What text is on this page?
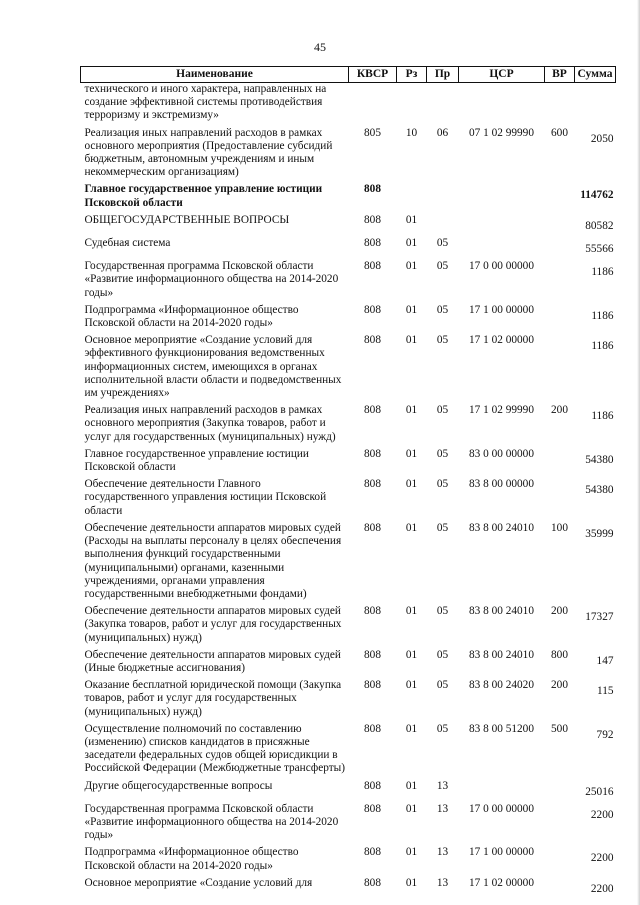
45
Наименование	КВСР	Рз	Пр	ЦСР	ВР	Сумма
технического и иного характера, направленных на создание эффективной системы противодействия терроризму и экстремизму»						
Реализация иных направлений расходов в рамках основного мероприятия (Предоставление субсидий бюджетным, автономным учреждениям и иным некоммерческим организациям)	805	10	06	07 1 02 99990	600	2050
Главное государственное управление юстиции Псковской области	808					114762
ОБЩЕГОСУДАРСТВЕННЫЕ ВОПРОСЫ	808	01				80582
Судебная система	808	01	05			55566
Государственная программа Псковской области «Развитие информационного общества на 2014-2020 годы»	808	01	05	17 0 00 00000		1186
Подпрограмма «Информационное общество Псковской области на 2014-2020 годы»	808	01	05	17 1 00 00000		1186
Основное мероприятие «Создание условий для эффективного функционирования ведомственных информационных систем, имеющихся в органах исполнительной власти области и подведомственных им учреждениях»	808	01	05	17 1 02 00000		1186
Реализация иных направлений расходов в рамках основного мероприятия (Закупка товаров, работ и услуг для государственных (муниципальных) нужд)	808	01	05	17 1 02 99990	200	1186
Главное государственное управление юстиции Псковской области	808	01	05	83 0 00 00000		54380
Обеспечение деятельности Главного государственного управления юстиции Псковской области	808	01	05	83 8 00 00000		54380
Обеспечение деятельности аппаратов мировых судей (Расходы на выплаты персоналу в целях обеспечения выполнения функций государственными (муниципальными) органами, казенными учреждениями, органами управления государственными внебюджетными фондами)	808	01	05	83 8 00 24010	100	35999
Обеспечение деятельности аппаратов мировых судей (Закупка товаров, работ и услуг для государственных (муниципальных) нужд)	808	01	05	83 8 00 24010	200	17327
Обеспечение деятельности аппаратов мировых судей (Иные бюджетные ассигнования)	808	01	05	83 8 00 24010	800	147
Оказание бесплатной юридической помощи (Закупка товаров, работ и услуг для государственных (муниципальных) нужд)	808	01	05	83 8 00 24020	200	115
Осуществление полномочий по составлению (изменению) списков кандидатов в присяжные заседатели федеральных судов общей юрисдикции в Российской Федерации (Межбюджетные трансферты)	808	01	05	83 8 00 51200	500	792
Другие общегосударственные вопросы	808	01	13			25016
Государственная программа Псковской области «Развитие информационного общества на 2014-2020 годы»	808	01	13	17 0 00 00000		2200
Подпрограмма «Информационное общество Псковской области на 2014-2020 годы»	808	01	13	17 1 00 00000		2200
Основное мероприятие «Создание условий для	808	01	13	17 1 02 00000		2200
